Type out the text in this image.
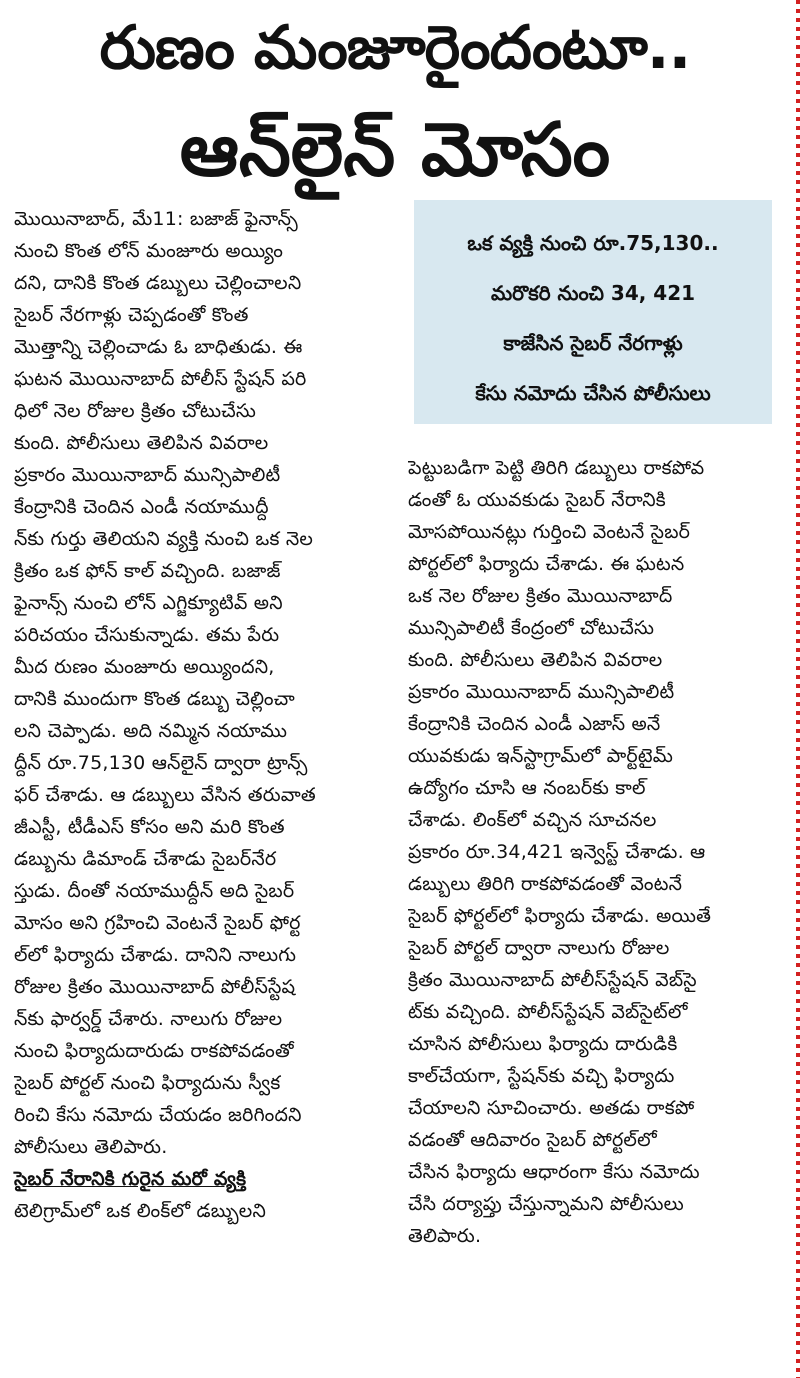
రుణం మంజూరైందంటూ..
ఆన్‌లైన్ మోసం
ఒక వ్యక్తి నుంచి రూ.75,130..
మరొకరి నుంచి 34, 421
కాజేసిన సైబర్ నేరగాళ్లు
కేసు నమోదు చేసిన పోలీసులు
మొయినాబాద్, మే11: బజాజ్ ఫైనాన్స్
నుంచి కొంత లోన్ మంజూరు అయ్యిం
దని, దానికి కొంత డబ్బులు చెల్లించాలని
సైబర్ నేరగాళ్లు చెప్పడంతో కొంత
మొత్తాన్ని చెల్లించాడు ఓ బాధితుడు. ఈ
ఘటన మొయినాబాద్ పోలీస్ స్టేషన్ పరి
ధిలో నెల రోజుల క్రితం చోటుచేసు
కుంది. పోలీసులు తెలిపిన వివరాల
ప్రకారం మొయినాబాద్ మున్సిపాలిటీ
కేంద్రానికి చెందిన ఎండీ నయాముద్దీ
న్‌కు గుర్తు తెలియని వ్యక్తి నుంచి ఒక నెల
క్రితం ఒక ఫోన్ కాల్ వచ్చింది. బజాజ్
ఫైనాన్స్ నుంచి లోన్ ఎగ్జిక్యూటివ్ అని
పరిచయం చేసుకున్నాడు. తమ పేరు
మీద రుణం మంజూరు అయ్యిందని,
దానికి ముందుగా కొంత డబ్బు చెల్లించా
లని చెప్పాడు. అది నమ్మిన నయాము
ద్దీన్ రూ.75,130 ఆన్‌లైన్ ద్వారా ట్రాన్స్
ఫర్ చేశాడు. ఆ డబ్బులు వేసిన తరువాత
జీఎస్టీ, టీడీఎస్ కోసం అని మరి కొంత
డబ్బును డిమాండ్ చేశాడు సైబర్‌నేర
స్తుడు. దీంతో నయాముద్దీన్ అది సైబర్
మోసం అని గ్రహించి వెంటనే సైబర్ ఫోర్ట
ల్‌లో ఫిర్యాదు చేశాడు. దానిని నాలుగు
రోజుల క్రితం మొయినాబాద్ పోలీస్‌స్టేష
న్‌కు ఫార్వర్డ్ చేశారు. నాలుగు రోజుల
నుంచి ఫిర్యాదుదారుడు రాకపోవడంతో
సైబర్ పోర్టల్ నుంచి ఫిర్యాదును స్వీక
రించి కేసు నమోదు చేయడం జరిగిందని
పోలీసులు తెలిపారు.
సైబర్ నేరానికి గురైన మరో వ్యక్తి
టెలిగ్రామ్‌లో ఒక లింక్‌లో డబ్బులని
పెట్టుబడిగా పెట్టి తిరిగి డబ్బులు రాకపోవ
డంతో ఓ యువకుడు సైబర్ నేరానికి
మోసపోయినట్లు గుర్తించి వెంటనే సైబర్
పోర్టల్‌లో ఫిర్యాదు చేశాడు. ఈ ఘటన
ఒక నెల రోజుల క్రితం మొయినాబాద్
మున్సిపాలిటీ కేంద్రంలో చోటుచేసు
కుంది. పోలీసులు తెలిపిన వివరాల
ప్రకారం మొయినాబాద్ మున్సిపాలిటీ
కేంద్రానికి చెందిన ఎండీ ఎజాస్ అనే
యువకుడు ఇన్‌స్టాగ్రామ్‌లో పార్ట్‌టైమ్
ఉద్యోగం చూసి ఆ నంబర్‌కు కాల్
చేశాడు. లింక్‌లో వచ్చిన సూచనల
ప్రకారం రూ.34,421 ఇన్వెస్ట్ చేశాడు. ఆ
డబ్బులు తిరిగి రాకపోవడంతో వెంటనే
సైబర్ ఫోర్టల్‌లో ఫిర్యాదు చేశాడు. అయితే
సైబర్ పోర్టల్ ద్వారా నాలుగు రోజుల
క్రితం మొయినాబాద్ పోలీస్‌స్టేషన్ వెబ్‌సై
ట్‌కు వచ్చింది. పోలీస్‌స్టేషన్ వెబ్‌సైట్‌లో
చూసిన పోలీసులు ఫిర్యాదు దారుడికి
కాల్‌చేయగా, స్టేషన్‌కు వచ్చి ఫిర్యాదు
చేయాలని సూచించారు. అతడు రాకపో
వడంతో ఆదివారం సైబర్ పోర్టల్‌లో
చేసిన ఫిర్యాదు ఆధారంగా కేసు నమోదు
చేసి దర్యాప్తు చేస్తున్నామని పోలీసులు
తెలిపారు.
